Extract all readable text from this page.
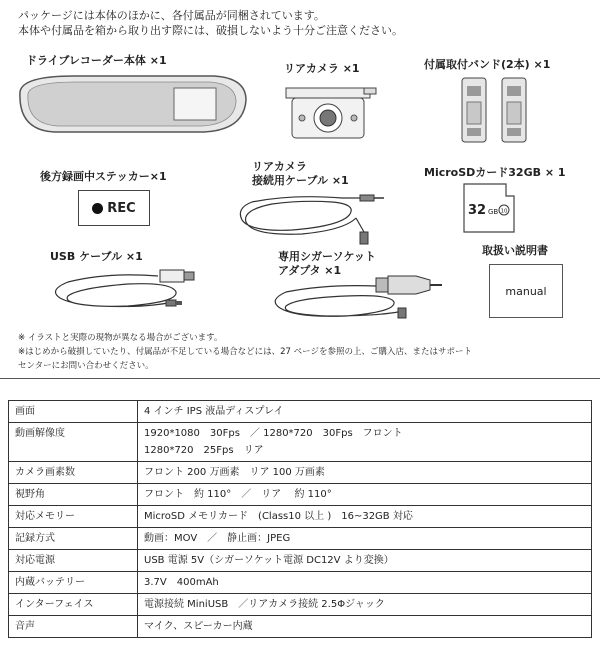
パッケージには本体のほかに、各付属品が同梱されています。
本体や付属品を箱から取り出す際には、破損しないよう十分ご注意ください。
ドライブレコーダー本体 ×1
リアカメラ ×1	付属取付バンド(2本) ×1
後方録画中ステッカー×1
リアカメラ
接続用ケーブル ×1
MicroSDカード32GB × 1
REC	32 GB 10
USB ケーブル ×1	専用シガーソケット
アダプタ ×1
取扱い説明書
manual
※ イラストと実際の現物が異なる場合がございます。
※はじめから破損していたり、付属品が不足している場合などには、27 ページを参照の上、ご購入店、またはサポート
センターにお問い合わせください。
画面	4 インチ IPS 液晶ディスプレイ
動画解像度	1920*1080　30Fps　／ 1280*720　30Fps　フロント
1280*720　25Fps　リア

カメラ画素数	フロント 200 万画素　リア 100 万画素
視野角	フロント　約 110°　／　リア　 約 110°
対応メモリー	MicroSD メモリカード　(Class10 以上 )　16~32GB 対応
記録方式	動画：MOV　／　静止画：JPEG
対応電源	USB 電源 5V（シガーソケット電源 DC12V より変換）
内蔵バッテリー	3.7V　400mAh
インターフェイス	電源接続 MiniUSB　／リアカメラ接続 2.5Φジャック
音声	マイク、スピーカー内蔵
